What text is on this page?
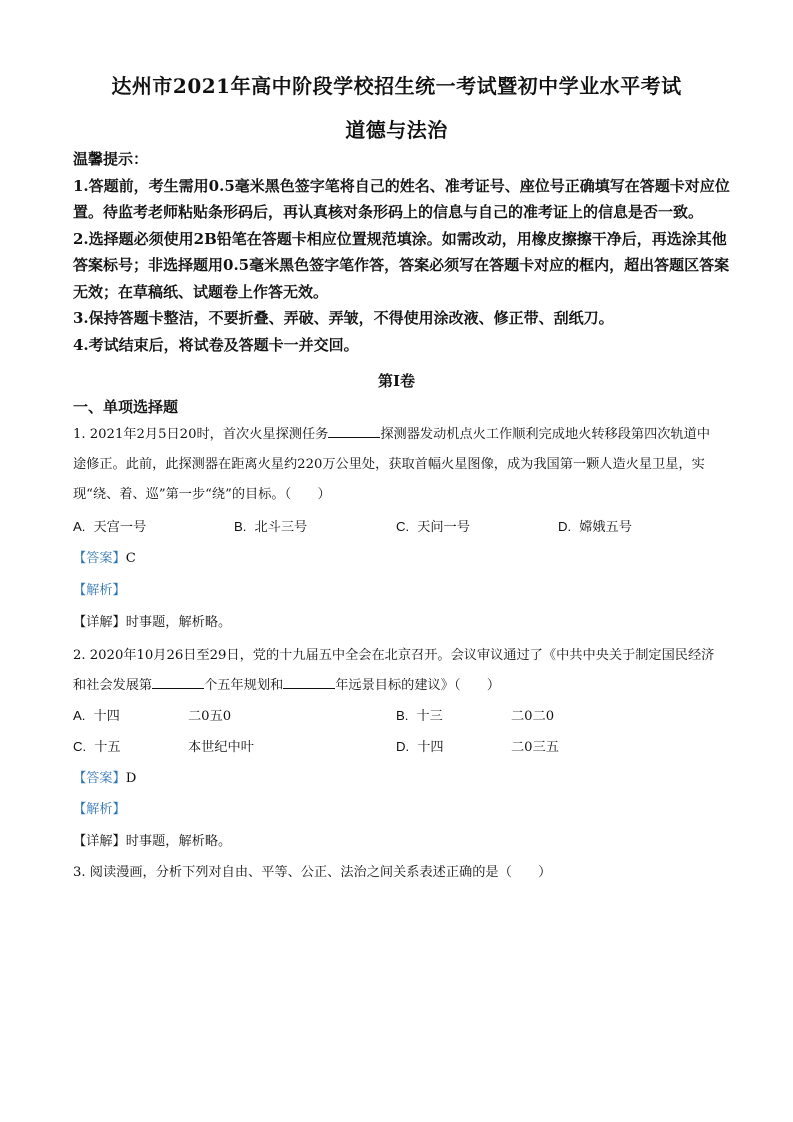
达州市2021年高中阶段学校招生统一考试暨初中学业水平考试
道德与法治

温馨提示：

1.答题前，考生需用0.5毫米黑色签字笔将自己的姓名、准考证号、座位号正确填写在答题卡对应位置。待监考老师粘贴条形码后，再认真核对条形码上的信息与自己的准考证上的信息是否一致。

2.选择题必须使用2B铅笔在答题卡相应位置规范填涂。如需改动，用橡皮擦擦干净后，再选涂其他答案标号；非选择题用0.5毫米黑色签字笔作答，答案必须写在答题卡对应的框内，超出答题区答案无效；在草稿纸、试题卷上作答无效。

3.保持答题卡整洁，不要折叠、弄破、弄皱，不得使用涂改液、修正带、刮纸刀。

4.考试结束后，将试卷及答题卡一并交回。

第Ⅰ卷
一、单项选择题
1. 2021年2月5日20时，首次火星探测任务	探测器发动机点火工作顺利完成地火转移段第四次轨道中途修正。此前，此探测器在距离火星约220万公里处，获取首幅火星图像，成为我国第一颗人造火星卫星，实现“绕、着、巡”第一步“绕”的目标。（　　）
A. 天宫一号	B. 北斗三号	C. 天问一号	D. 嫦娥五号
【答案】C
【解析】
【详解】时事题，解析略。
2. 2020年10月26日至29日，党的十九届五中全会在北京召开。会议审议通过了《中共中央关于制定国民经济和社会发展第	个五年规划和	年远景目标的建议》（　　）
A. 十四	二0五0	B. 十三	二0二0
C. 十五	本世纪中叶	D. 十四	二0三五
【答案】D
【解析】
【详解】时事题，解析略。
3. 阅读漫画，分析下列对自由、平等、公正、法治之间关系表述正确的是（　　）
